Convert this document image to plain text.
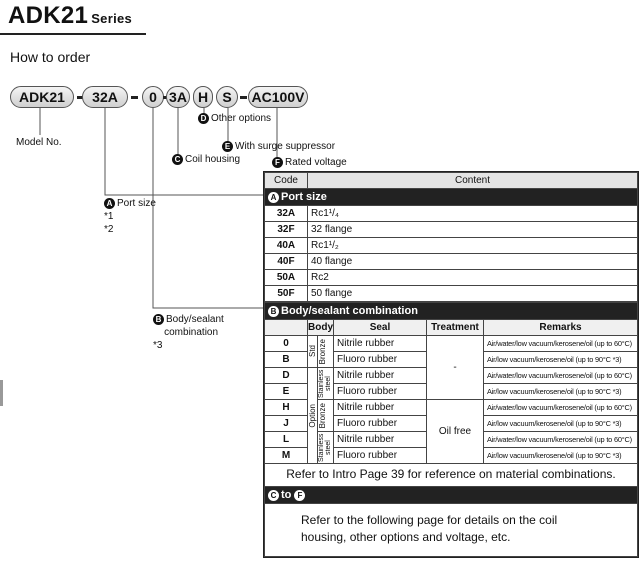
ADK21 Series
How to order
ADK21	32A	0 3A H	S	AC100V
Model No.
D Other options
E With surge suppressor
C Coil housing	F Rated voltage
A Port size
*1
*2
B Body/sealant
combination
*3
Code	Content
A Port size	
32A	Rc1¹/₄
32F	32 flange
40A	Rc1¹/₂
40F	40 flange
50A	Rc2
50F	50 flange
B Body/sealant combination					
	Body		Seal	Treatment	Remarks
0	Std	Bronze	Nitrile rubber	-	Air/water/low vacuum/kerosene/oil (up to 60°C)
B			Fluoro rubber		Air/low vacuum/kerosene/oil (up to 90°C *3)
D	Option	Stainless steel	Nitrile rubber		Air/water/low vacuum/kerosene/oil (up to 60°C)
E			Fluoro rubber		Air/low vacuum/kerosene/oil (up to 90°C *3)
H		Bronze	Nitrile rubber	Oil free	Air/water/low vacuum/kerosene/oil (up to 60°C)
J			Fluoro rubber		Air/low vacuum/kerosene/oil (up to 90°C *3)
L		Stainless steel	Nitrile rubber		Air/water/low vacuum/kerosene/oil (up to 60°C)
M			Fluoro rubber		Air/low vacuum/kerosene/oil (up to 90°C *3)
Refer to Intro Page 39 for reference on material combinations.					
C to F					
Refer to the following page for details on the coil housing, other options and voltage, etc.					
